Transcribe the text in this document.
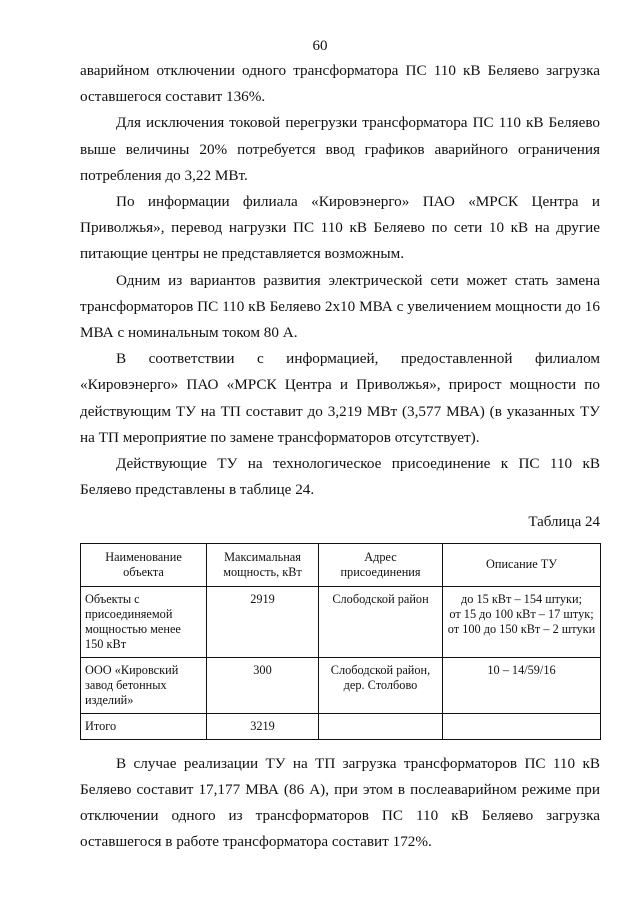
60

аварийном отключении одного трансформатора ПС 110 кВ Беляево загрузка оставшегося составит 136%.

Для исключения токовой перегрузки трансформатора ПС 110 кВ Беляево выше величины 20% потребуется ввод графиков аварийного ограничения потребления до 3,22 МВт.

По информации филиала «Кировэнерго» ПАО «МРСК Центра и Приволжья», перевод нагрузки ПС 110 кВ Беляево по сети 10 кВ на другие питающие центры не представляется возможным.

Одним из вариантов развития электрической сети может стать замена трансформаторов ПС 110 кВ Беляево 2х10 МВА с увеличением мощности до 16 МВА с номинальным током 80 А.

В соответствии с информацией, предоставленной филиалом «Кировэнерго» ПАО «МРСК Центра и Приволжья», прирост мощности по действующим ТУ на ТП составит до 3,219 МВт (3,577 МВА) (в указанных ТУ на ТП мероприятие по замене трансформаторов отсутствует).

Действующие ТУ на технологическое присоединение к ПС 110 кВ Беляево представлены в таблице 24.

Таблица 24
Наименование объекта	Максимальная мощность, кВт	Адрес присоединения	Описание ТУ
Объекты с присоединяемой мощностью менее 150 кВт	2919	Слободской район	до 15 кВт – 154 штуки;
от 15 до 100 кВт – 17 штук;
от 100 до 150 кВт – 2 штуки

ООО «Кировский завод бетонных изделий»	300	Слободской район, дер. Столбово	10 – 14/59/16

Итого	3219		

В случае реализации ТУ на ТП загрузка трансформаторов ПС 110 кВ Беляево составит 17,177 МВА (86 А), при этом в послеаварийном режиме при отключении одного из трансформаторов ПС 110 кВ Беляево загрузка оставшегося в работе трансформатора составит 172%.
